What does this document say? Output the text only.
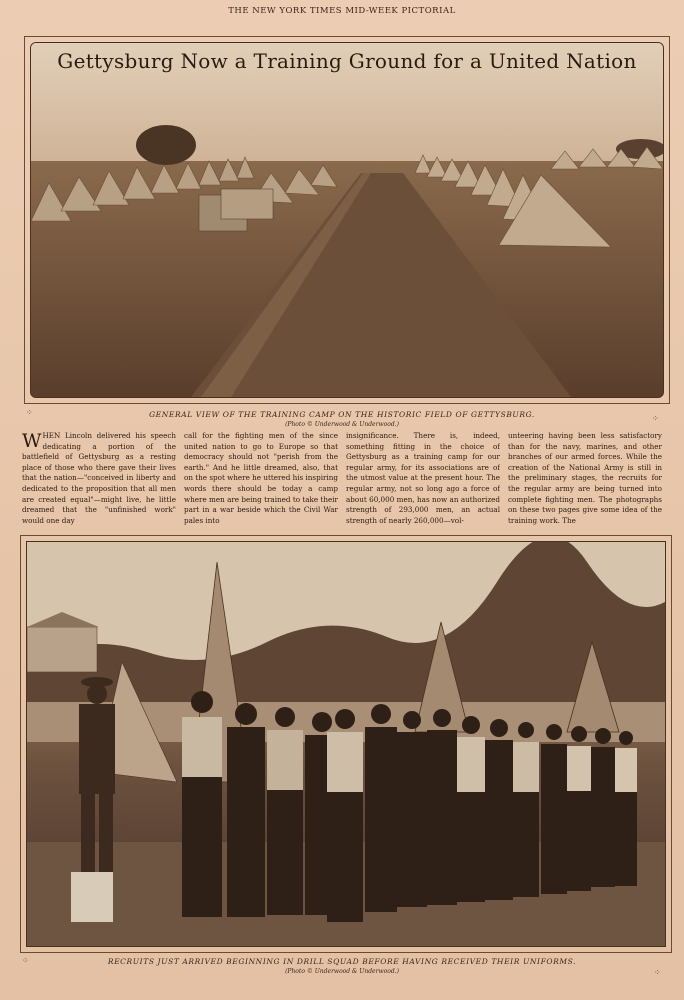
THE NEW YORK TIMES MID-WEEK PICTORIAL
Gettysburg Now a Training Ground for a United Nation
GENERAL VIEW OF THE TRAINING CAMP ON THE HISTORIC FIELD OF GETTYSBURG.
(Photo © Underwood & Underwood.)
⁘
⁘
WHEN Lincoln delivered his speech dedicating a portion of the battlefield of Gettysburg as a resting place of those who there gave their lives that the nation—"conceived in liberty and dedicated to the proposition that all men are created equal"—might live, he little dreamed that the "unfinished work" would one day
call for the fighting men of the since united nation to go to Europe so that democracy should not "perish from the earth." And he little dreamed, also, that on the spot where he uttered his inspiring words there should be today a camp where men are being trained to take their part in a war beside which the Civil War pales into
insignificance. There is, indeed, something fitting in the choice of Gettysburg as a training camp for our regular army, for its associations are of the utmost value at the present hour. The regular army, not so long ago a force of about 60,000 men, has now an authorized strength of 293,000 men, an actual strength of nearly 260,000—vol-
unteering having been less satisfactory than for the navy, marines, and other branches of our armed forces. While the creation of the National Army is still in the preliminary stages, the recruits for the regular army are being turned into complete fighting men. The photographs on these two pages give some idea of the training work. The
RECRUITS JUST ARRIVED BEGINNING IN DRILL SQUAD BEFORE HAVING RECEIVED THEIR UNIFORMS.
(Photo © Underwood & Underwood.)
⁘
⁘
